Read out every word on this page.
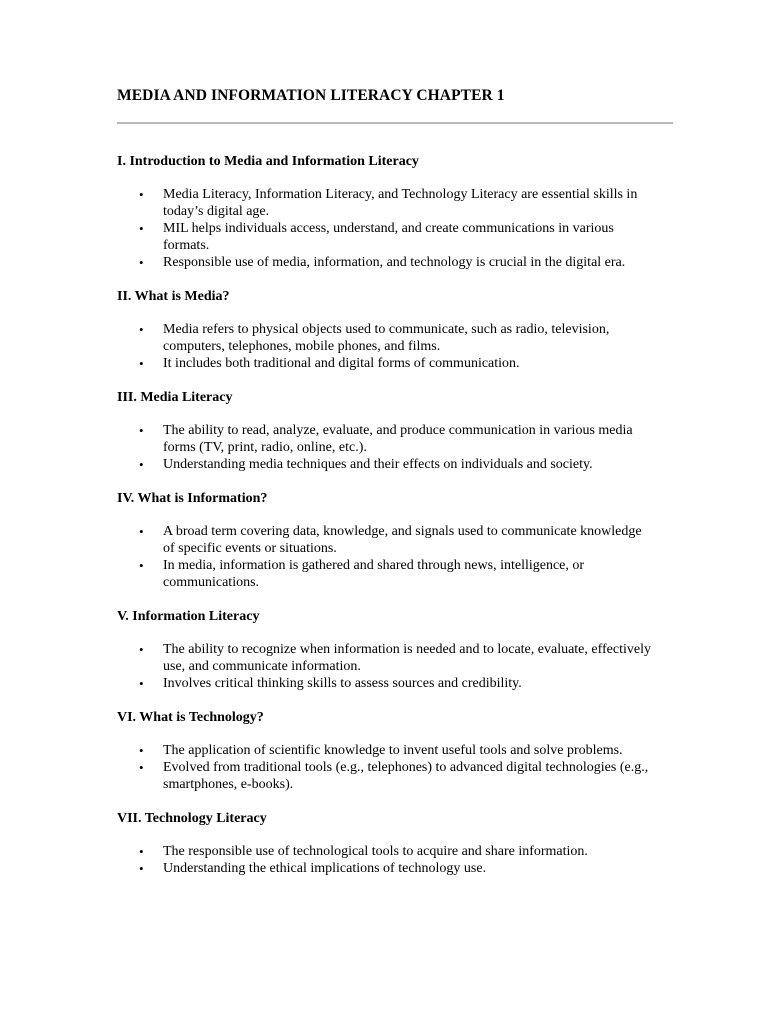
MEDIA AND INFORMATION LITERACY CHAPTER 1
I. Introduction to Media and Information Literacy
• Media Literacy, Information Literacy, and Technology Literacy are essential skills in today’s digital age.
• MIL helps individuals access, understand, and create communications in various formats.
• Responsible use of media, information, and technology is crucial in the digital era.
II. What is Media?
• Media refers to physical objects used to communicate, such as radio, television, computers, telephones, mobile phones, and films.
• It includes both traditional and digital forms of communication.
III. Media Literacy
• The ability to read, analyze, evaluate, and produce communication in various media forms (TV, print, radio, online, etc.).
• Understanding media techniques and their effects on individuals and society.
IV. What is Information?
• A broad term covering data, knowledge, and signals used to communicate knowledge of specific events or situations.
• In media, information is gathered and shared through news, intelligence, or communications.
V. Information Literacy
• The ability to recognize when information is needed and to locate, evaluate, effectively use, and communicate information.
• Involves critical thinking skills to assess sources and credibility.
VI. What is Technology?
• The application of scientific knowledge to invent useful tools and solve problems.
• Evolved from traditional tools (e.g., telephones) to advanced digital technologies (e.g., smartphones, e-books).
VII. Technology Literacy
• The responsible use of technological tools to acquire and share information.
• Understanding the ethical implications of technology use.
